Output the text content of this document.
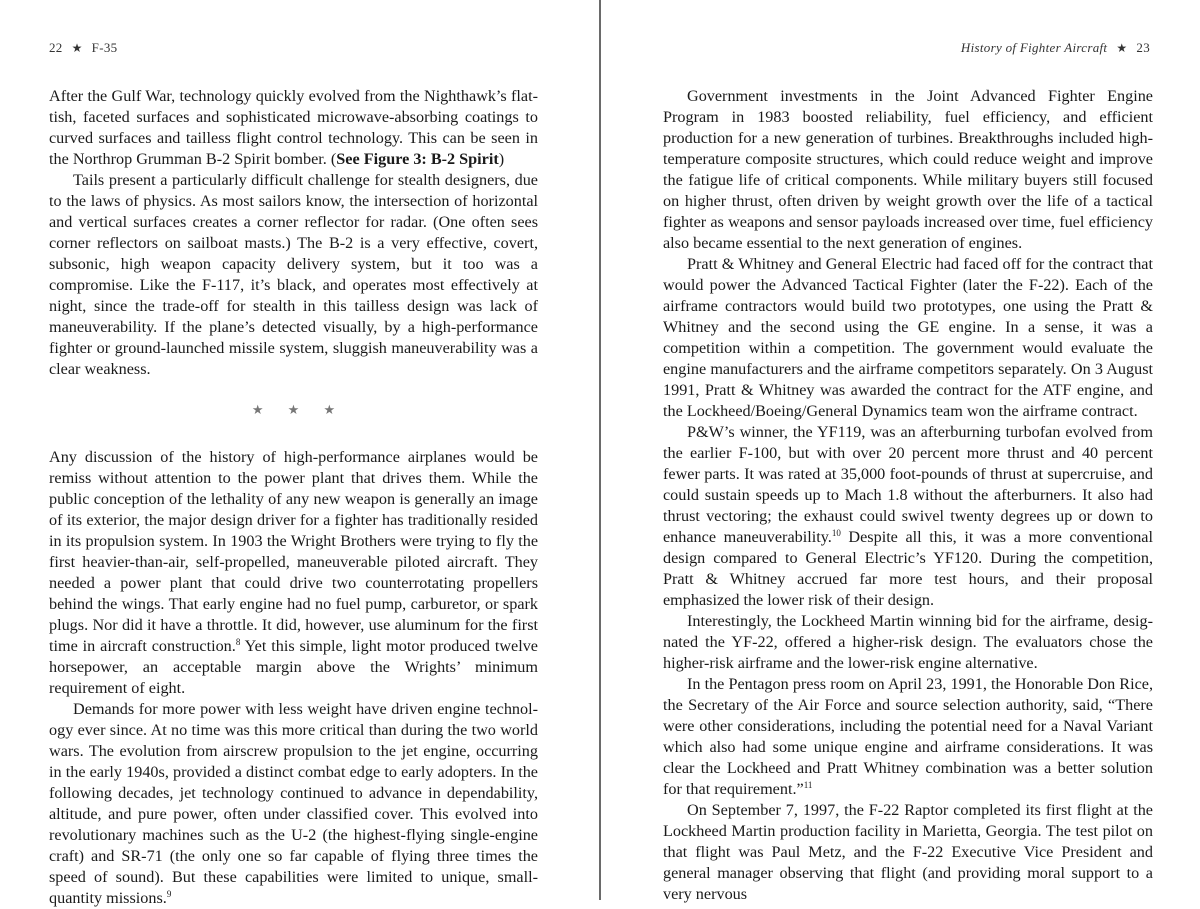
22 ★ F-35

After the Gulf War, technology quickly evolved from the Nighthawk’s flattish, faceted surfaces and sophisticated microwave-absorbing coatings to curved surfaces and tailless flight control technology. This can be seen in the Northrop Grumman B-2 Spirit bomber. (See Figure 3: B-2 Spirit)

Tails present a particularly difficult challenge for stealth designers, due to the laws of physics. As most sailors know, the intersection of horizontal and vertical surfaces creates a corner reflector for radar. (One often sees corner reflectors on sailboat masts.) The B-2 is a very effective, covert, subsonic, high weapon capacity delivery system, but it too was a compromise. Like the F-117, it’s black, and operates most effectively at night, since the trade-off for stealth in this tailless design was lack of maneuverability. If the plane’s detected visually, by a high-performance fighter or ground-launched missile system, sluggish maneuverability was a clear weakness.

★ ★ ★

Any discussion of the history of high-performance airplanes would be remiss without attention to the power plant that drives them. While the public conception of the lethality of any new weapon is generally an image of its exterior, the major design driver for a fighter has traditionally resided in its propulsion system. In 1903 the Wright Brothers were trying to fly the first heavier-than-air, self-propelled, maneuverable piloted aircraft. They needed a power plant that could drive two counterrotating propellers behind the wings. That early engine had no fuel pump, carburetor, or spark plugs. Nor did it have a throttle. It did, however, use aluminum for the first time in aircraft construction.$^8$ Yet this simple, light motor produced twelve horsepower, an acceptable margin above the Wrights’ minimum requirement of eight.

Demands for more power with less weight have driven engine technology ever since. At no time was this more critical than during the two world wars. The evolution from airscrew propulsion to the jet engine, occurring in the early 1940s, provided a distinct combat edge to early adopters. In the following decades, jet technology continued to advance in dependability, altitude, and pure power, often under classified cover. This evolved into revolutionary machines such as the U-2 (the highest-flying single-engine craft) and SR-71 (the only one so far capable of flying three times the speed of sound). But these capabilities were limited to unique, small-quantity missions.$^9$

History of Fighter Aircraft ★ 23

Government investments in the Joint Advanced Fighter Engine Program in 1983 boosted reliability, fuel efficiency, and efficient production for a new generation of turbines. Breakthroughs included high-temperature composite structures, which could reduce weight and improve the fatigue life of critical components. While military buyers still focused on higher thrust, often driven by weight growth over the life of a tactical fighter as weapons and sensor payloads increased over time, fuel efficiency also became essential to the next generation of engines.

Pratt & Whitney and General Electric had faced off for the contract that would power the Advanced Tactical Fighter (later the F-22). Each of the airframe contractors would build two prototypes, one using the Pratt & Whitney and the second using the GE engine. In a sense, it was a competition within a competition. The government would evaluate the engine manufacturers and the airframe competitors separately. On 3 August 1991, Pratt & Whitney was awarded the contract for the ATF engine, and the Lockheed/Boeing/General Dynamics team won the airframe contract.

P&W’s winner, the YF119, was an afterburning turbofan evolved from the earlier F-100, but with over 20 percent more thrust and 40 percent fewer parts. It was rated at 35,000 foot-pounds of thrust at supercruise, and could sustain speeds up to Mach 1.8 without the afterburners. It also had thrust vectoring; the exhaust could swivel twenty degrees up or down to enhance maneuverability.$^{10}$ Despite all this, it was a more conventional design compared to General Electric’s YF120. During the competition, Pratt & Whitney accrued far more test hours, and their proposal emphasized the lower risk of their design.

Interestingly, the Lockheed Martin winning bid for the airframe, designated the YF-22, offered a higher-risk design. The evaluators chose the higher-risk airframe and the lower-risk engine alternative.

In the Pentagon press room on April 23, 1991, the Honorable Don Rice, the Secretary of the Air Force and source selection authority, said, “There were other considerations, including the potential need for a Naval Variant which also had some unique engine and airframe considerations. It was clear the Lockheed and Pratt Whitney combination was a better solution for that requirement.”$^{11}$

On September 7, 1997, the F-22 Raptor completed its first flight at the Lockheed Martin production facility in Marietta, Georgia. The test pilot on that flight was Paul Metz, and the F-22 Executive Vice President and general manager observing that flight (and providing moral support to a very nervous
